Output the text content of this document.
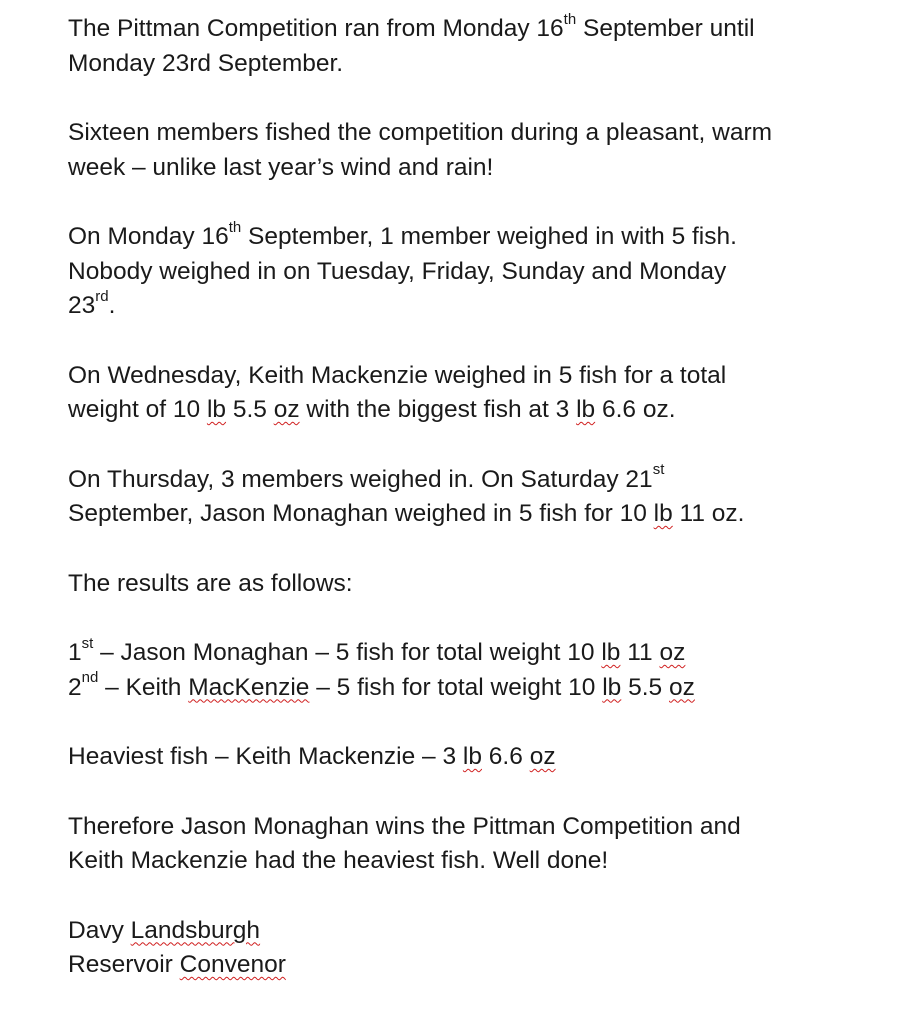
The Pittman Competition ran from Monday 16th September until
Monday 23rd September.

Sixteen members fished the competition during a pleasant, warm
week – unlike last year’s wind and rain!

On Monday 16th September, 1 member weighed in with 5 fish.
Nobody weighed in on Tuesday, Friday, Sunday and Monday
23rd.

On Wednesday, Keith Mackenzie weighed in 5 fish for a total
weight of 10 lb 5.5 oz with the biggest fish at 3 lb 6.6 oz.

On Thursday, 3 members weighed in. On Saturday 21st
September, Jason Monaghan weighed in 5 fish for 10 lb 11 oz.

The results are as follows:

1st – Jason Monaghan – 5 fish for total weight 10 lb 11 oz
2nd – Keith MacKenzie – 5 fish for total weight 10 lb 5.5 oz

Heaviest fish – Keith Mackenzie – 3 lb 6.6 oz

Therefore Jason Monaghan wins the Pittman Competition and
Keith Mackenzie had the heaviest fish. Well done!

Davy Landsburgh
Reservoir Convenor
